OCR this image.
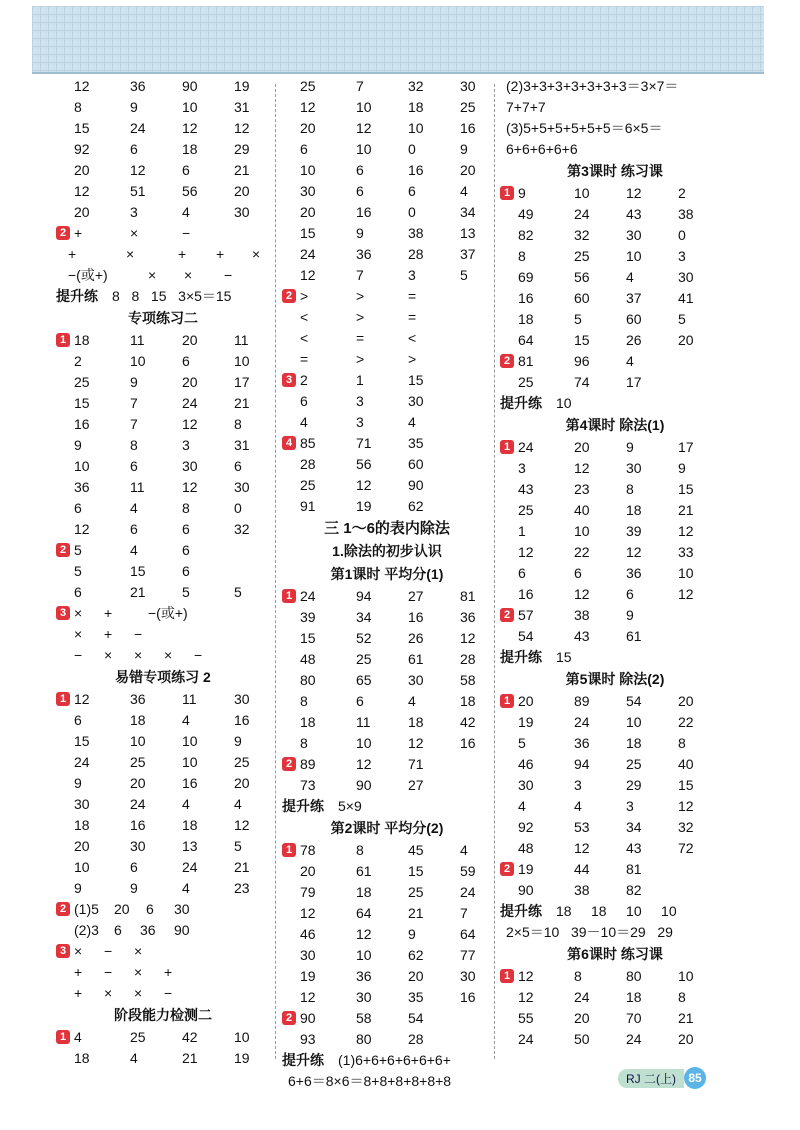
12	36	90	19
8	9	10	31
15	24	12	12
92	6	18	29
20	12	6	21
12	51	56	20
20	3	4	30
2 +	×	−
+	×	+ + ×
−(或+)	× × −
提升练 8   8   15   3×5＝15
专项练习二
1 18	11	20	11
2	10	6	10
25	9	20	17
15	7	24	21
16	7	12	8
9	8	3	31
10	6	30	6
36	11	12	30
6	4	8	0
12	6	6	32
2 5	4	6
5	15	6
6	21	5	5
3 × +	−(或+)
× + −
− × × × −
易错专项练习 2
1 12	36	11	30
6	18	4	16
15	10	10	9
24	25	10	25
9	20	16	20
30	24	4	4
18	16	18	12
20	30	13	5
10	6	24	21
9	9	4	23
2 (1)5 20 6 30
(2)3 6 36 90
3 × − ×
+ − × +
+ × × −
阶段能力检测二
1 4	25	42	10
18	4	21	19
25	7	32	30
12	10	18	25
20	12	10	16
6	10	0	9
10	6	16	20
30	6	6	4
20	16	0	34
15	9	38	13
24	36	28	37
12	7	3	5
2 >	>	=
<	>	=
<	=	<
=	>	>
3 2	1	15
6	3	30
4	3	4
4 85	71	35
28	56	60
25	12	90
91	19	62
三 1～6的表内除法
1.除法的初步认识
第1课时 平均分(1)
1 24	94	27	81
39	34	16	36
15	52	26	12
48	25	61	28
80	65	30	58
8	6	4	18
18	11	18	42
8	10	12	16
2 89	12	71
73	90	27
提升练 5×9
第2课时 平均分(2)
1 78	8	45	4
20	61	15	59
79	18	25	24
12	64	21	7
46	12	9	64
30	10	62	77
19	36	20	30
12	30	35	16
2 90	58	54
93	80	28
提升练 (1)6+6+6+6+6+6+
6+6＝8×6＝8+8+8+8+8+8
(2)3+3+3+3+3+3+3＝3×7＝
7+7+7
(3)5+5+5+5+5+5＝6×5＝
6+6+6+6+6
第3课时 练习课
1 9	10	12	2
49	24	43	38
82	32	30	0
8	25	10	3
69	56	4	30
16	60	37	41
18	5	60	5
64	15	26	20
2 81	96	4
25	74	17
提升练 10
第4课时 除法(1)
1 24	20	9	17
3	12	30	9
43	23	8	15
25	40	18	21
1	10	39	12
12	22	12	33
6	6	36	10
16	12	6	12
2 57	38	9
54	43	61
提升练 15
第5课时 除法(2)
1 20	89	54	20
19	24	10	22
5	36	18	8
46	94	25	40
30	3	29	15
4	4	3	12
92	53	34	32
48	12	43	72
2 19	44	81
90	38	82
提升练 18     18     10     10
2×5＝10   39－10＝29   29
第6课时 练习课
1 12	8	80	10
12	24	18	8
55	20	70	21
24	50	24	20
RJ 二(上)	85
